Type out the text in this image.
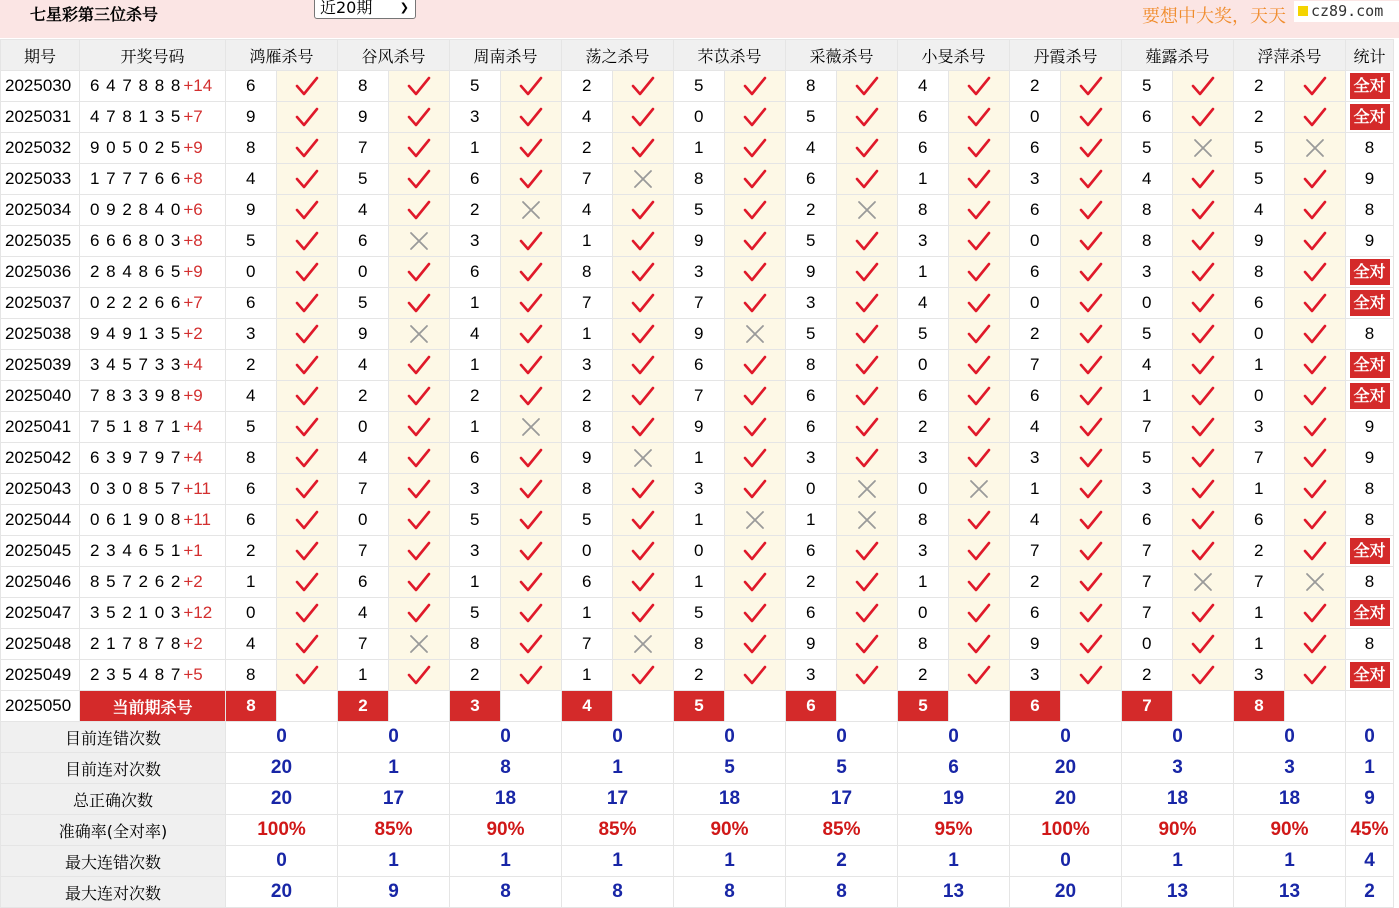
七星彩第三位杀号	近20期 ❯	要想中大奖，天天	cz89.com
期号	开奖号码	鸿雁杀号		谷风杀号		周南杀号		荡之杀号		芣苡杀号		采薇杀号		小旻杀号		丹霞杀号		薤露杀号		浮萍杀号		统计
2025030	6 4 7 8 8 8 +14	6		8		5		2		5		8		4		2		5		2		全对
2025031	4 7 8 1 3 5 +7	9		9		3		4		0		5		6		0		6		2		全对
2025032	9 0 5 0 2 5 +9	8		7		1		2		1		4		6		6		5		5		8
2025033	1 7 7 7 6 6 +8	4		5		6		7		8		6		1		3		4		5		9
2025034	0 9 2 8 4 0 +6	9		4		2		4		5		2		8		6		8		4		8
2025035	6 6 6 8 0 3 +8	5		6		3		1		9		5		3		0		8		9		9
2025036	2 8 4 8 6 5 +9	0		0		6		8		3		9		1		6		3		8		全对
2025037	0 2 2 2 6 6 +7	6		5		1		7		7		3		4		0		0		6		全对
2025038	9 4 9 1 3 5 +2	3		9		4		1		9		5		5		2		5		0		8
2025039	3 4 5 7 3 3 +4	2		4		1		3		6		8		0		7		4		1		全对
2025040	7 8 3 3 9 8 +9	4		2		2		2		7		6		6		6		1		0		全对
2025041	7 5 1 8 7 1 +4	5		0		1		8		9		6		2		4		7		3		9
2025042	6 3 9 7 9 7 +4	8		4		6		9		1		3		3		3		5		7		9
2025043	0 3 0 8 5 7 +11	6		7		3		8		3		0		0		1		3		1		8
2025044	0 6 1 9 0 8 +11	6		0		5		5		1		1		8		4		6		6		8
2025045	2 3 4 6 5 1 +1	2		7		3		0		0		6		3		7		7		2		全对
2025046	8 5 7 2 6 2 +2	1		6		1		6		1		2		1		2		7		7		8
2025047	3 5 2 1 0 3 +12	0		4		5		1		5		6		0		6		7		1		全对
2025048	2 1 7 8 7 8 +2	4		7		8		7		8		9		8		9		0		1		8
2025049	2 3 5 4 8 7 +5	8		1		2		1		2		3		2		3		2		3		全对
2025050	当前期杀号	8		2		3		4		5		6		5		6		7		8		
目前连错次数		0		0		0		0		0		0		0		0		0		0		0
目前连对次数		20		1		8		1		5		5		6		20		3		3		1
总正确次数		20		17		18		17		18		17		19		20		18		18		9
准确率(全对率)		100%		85%		90%		85%		90%		85%		95%		100%		90%		90%		45%
最大连错次数		0		1		1		1		1		2		1		0		1		1		4
最大连对次数		20		9		8		8		8		8		13		20		13		13		2
